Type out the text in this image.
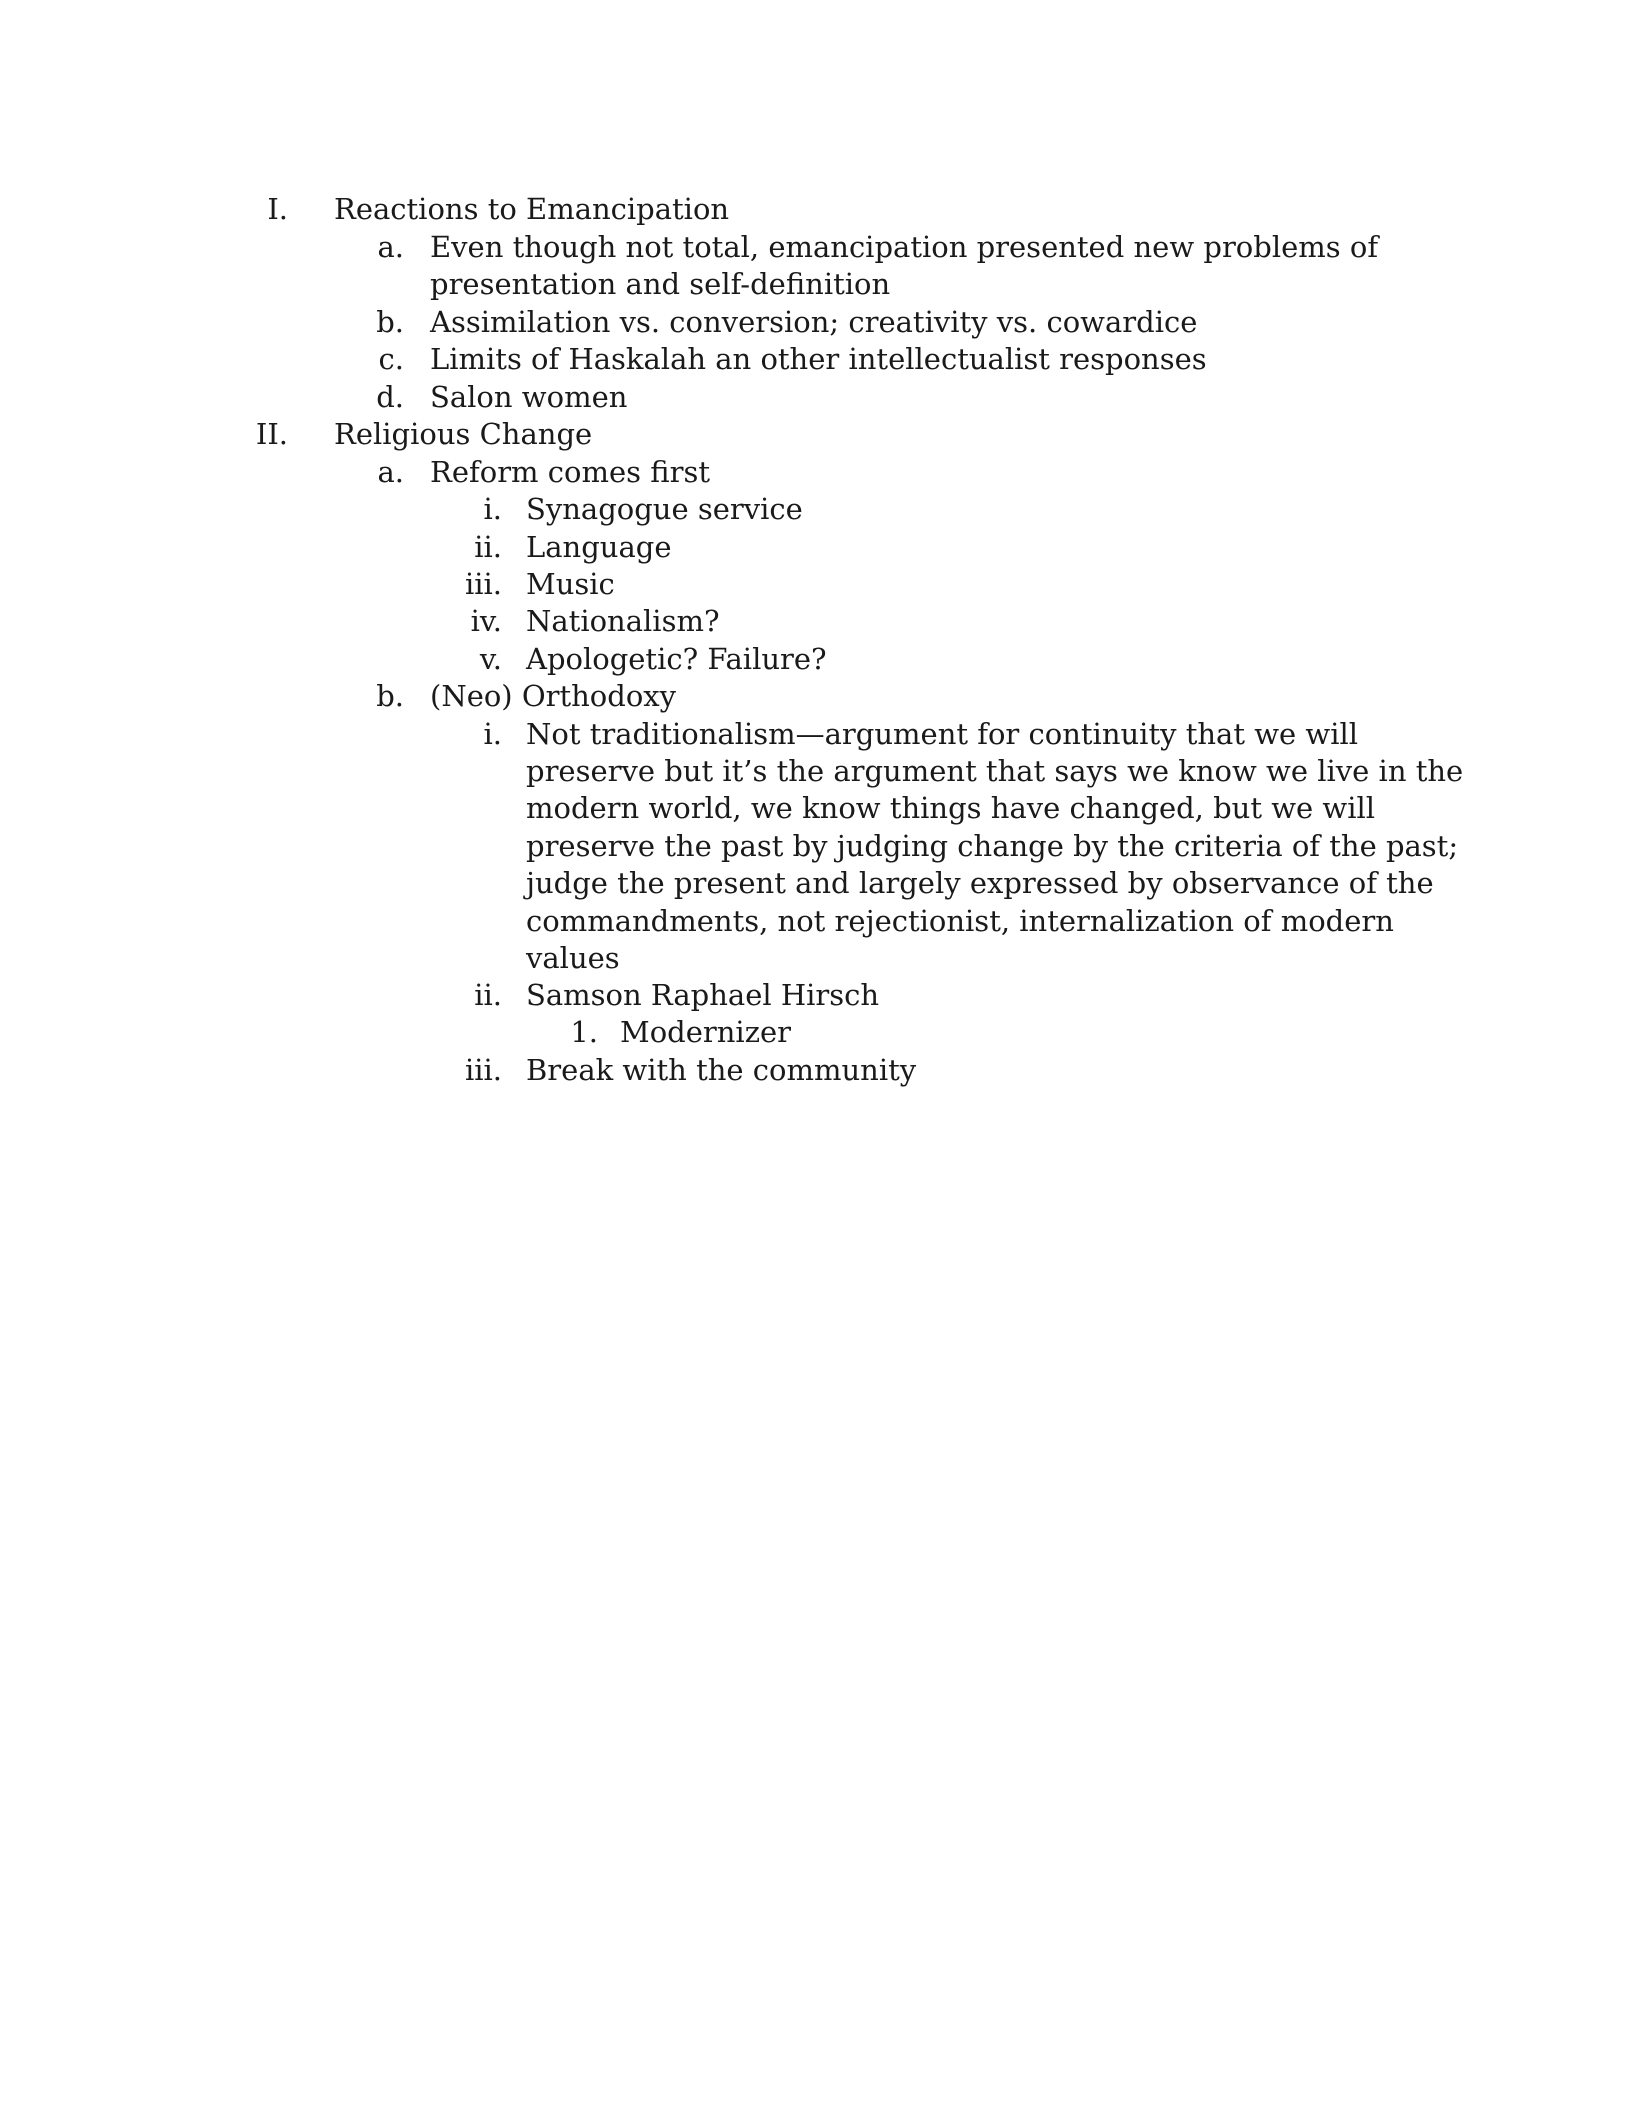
I. Reactions to Emancipation
a. Even though not total, emancipation presented new problems of
presentation and self-definition
b. Assimilation vs. conversion; creativity vs. cowardice
c. Limits of Haskalah an other intellectualist responses
d. Salon women
II. Religious Change
a. Reform comes first
i. Synagogue service
ii. Language
iii. Music
iv. Nationalism?
v. Apologetic? Failure?
b. (Neo) Orthodoxy
i. Not traditionalism—argument for continuity that we will
preserve but it’s the argument that says we know we live in the
modern world, we know things have changed, but we will
preserve the past by judging change by the criteria of the past;
judge the present and largely expressed by observance of the
commandments, not rejectionist, internalization of modern
values
ii. Samson Raphael Hirsch
1. Modernizer
iii. Break with the community
